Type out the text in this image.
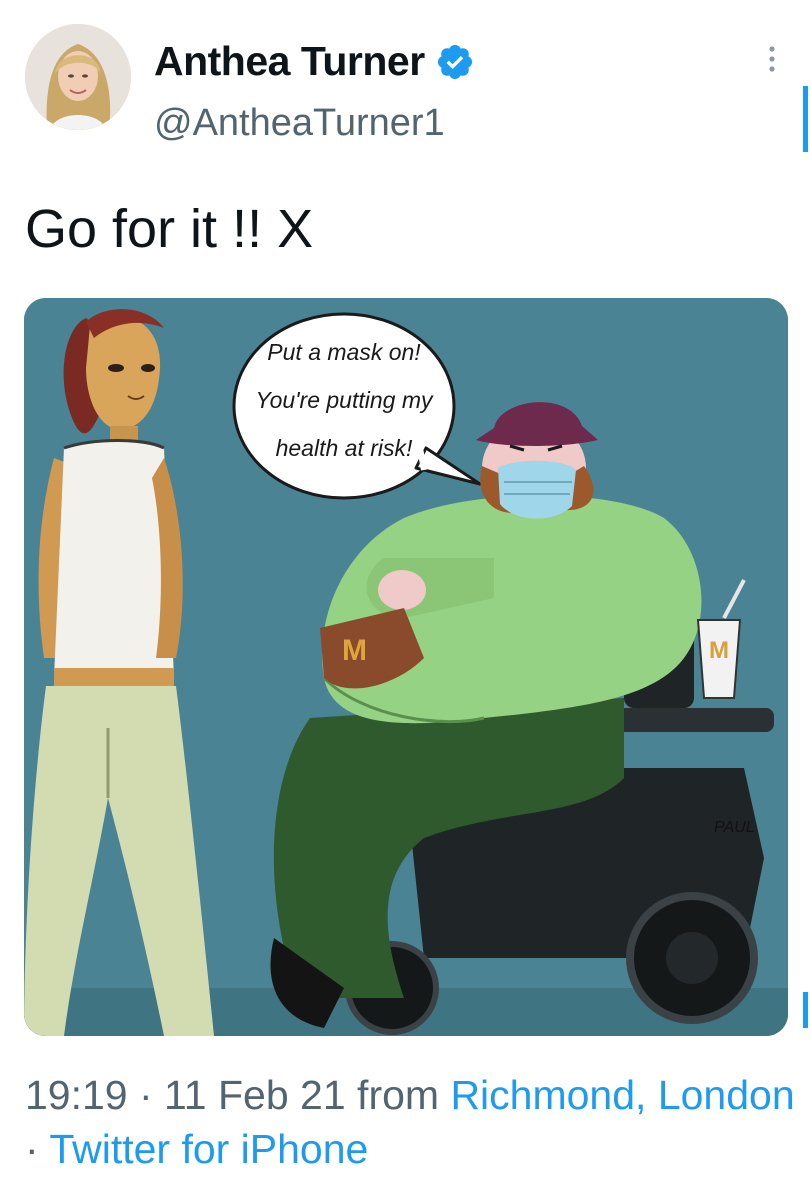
Anthea Turner
@AntheaTurner1
Go for it !! X
Put a mask on!
You're putting my
health at risk!
M	M
PAUL
19:19 · 11 Feb 21 from Richmond, London · Twitter for iPhone
